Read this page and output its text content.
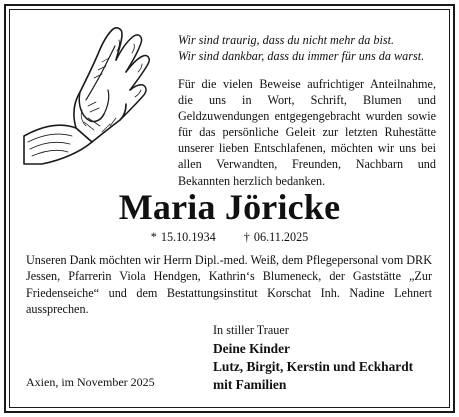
Wir sind traurig, dass du nicht mehr da bist.
Wir sind dankbar, dass du immer für uns da warst.
Für die vielen Beweise aufrichtiger Anteilnahme, die uns in Wort, Schrift, Blumen und Geldzuwendungen entgegengebracht wurden sowie für das persönliche Geleit zur letzten Ruhestätte unserer lieben Entschlafenen, möchten wir uns bei allen Verwandten, Freunden, Nachbarn und Bekannten herzlich bedanken.
Maria Jöricke
* 15.10.1934 † 06.11.2025
Unseren Dank möchten wir Herrn Dipl.-med. Weiß, dem Pflegepersonal vom DRK Jessen, Pfarrerin Viola Hendgen, Kathrin‘s Blumeneck, der Gaststätte „Zur Friedenseiche“ und dem Bestattungsinstitut Korschat Inh. Nadine Lehnert aussprechen.
In stiller Trauer
Deine Kinder
Lutz, Birgit, Kerstin und Eckhardt
mit Familien
Axien, im November 2025
